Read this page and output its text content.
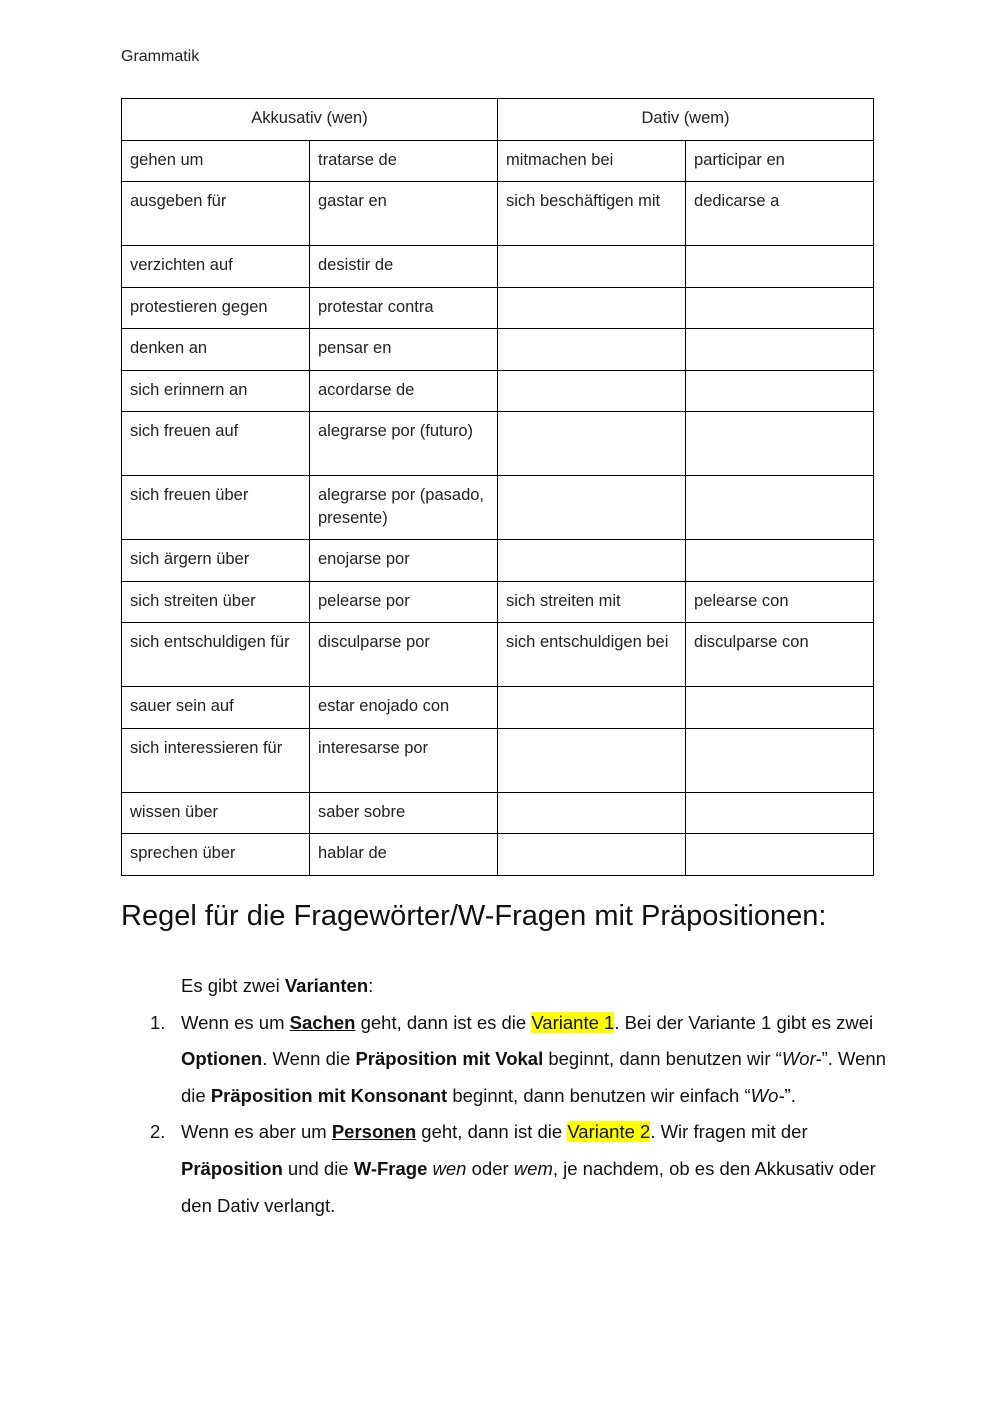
Grammatik
Akkusativ (wen)		Dativ (wem)	
gehen um	tratarse de	mitmachen bei	participar en
ausgeben für	gastar en	sich beschäftigen mit	dedicarse a
verzichten auf	desistir de		
protestieren gegen	protestar contra		
denken an	pensar en		
sich erinnern an	acordarse de		
sich freuen auf	alegrarse por (futuro)		
sich freuen über	alegrarse por (pasado, presente)		
sich ärgern über	enojarse por		
sich streiten über	pelearse por	sich streiten mit	pelearse con
sich entschuldigen für	disculparse por	sich entschuldigen bei	disculparse con
sauer sein auf	estar enojado con		
sich interessieren für	interesarse por		
wissen über	saber sobre		
sprechen über	hablar de		
Regel für die Fragewörter/W-Fragen mit Präpositionen:

Es gibt zwei Varianten:

1. Wenn es um Sachen geht, dann ist es die Variante 1. Bei der Variante 1 gibt es zwei Optionen. Wenn die Präposition mit Vokal beginnt, dann benutzen wir “Wor-”. Wenn die Präposition mit Konsonant beginnt, dann benutzen wir einfach “Wo-”.
2. Wenn es aber um Personen geht, dann ist die Variante 2. Wir fragen mit der Präposition und die W-Frage wen oder wem, je nachdem, ob es den Akkusativ oder den Dativ verlangt.
